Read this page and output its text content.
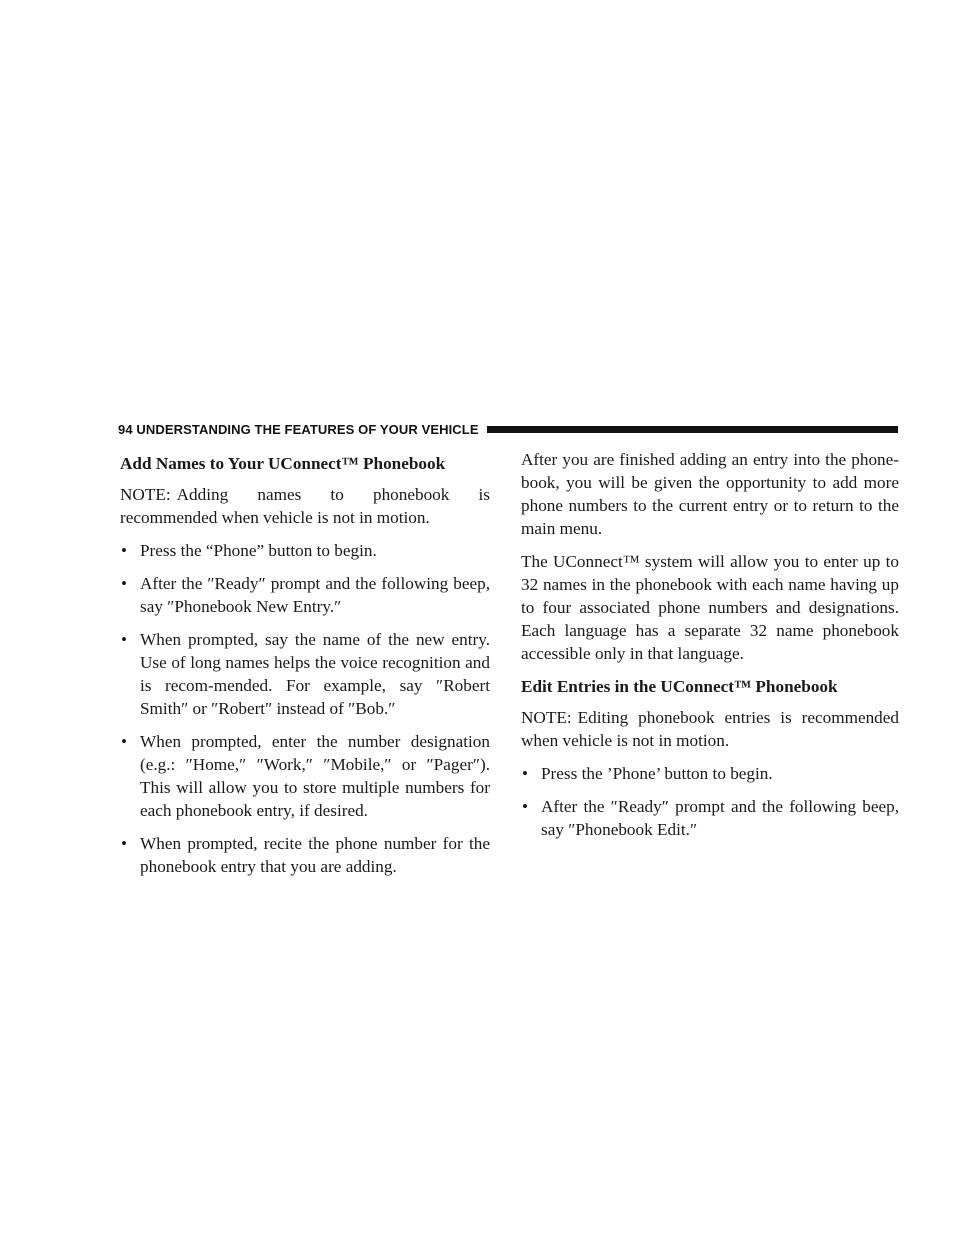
94 UNDERSTANDING THE FEATURES OF YOUR VEHICLE
Add Names to Your UConnect™ Phonebook

NOTE: Adding names to phonebook is recommended when vehicle is not in motion.

• Press the “Phone” button to begin.
• After the ″Ready″ prompt and the following beep, say ″Phonebook New Entry.″
• When prompted, say the name of the new entry. Use of long names helps the voice recognition and is recom-mended. For example, say ″Robert Smith″ or ″Robert″ instead of ″Bob.″
• When prompted, enter the number designation (e.g.: ″Home,″ ″Work,″ ″Mobile,″ or ″Pager″). This will allow you to store multiple numbers for each phonebook entry, if desired.
• When prompted, recite the phone number for the phonebook entry that you are adding.

After you are finished adding an entry into the phone-book, you will be given the opportunity to add more phone numbers to the current entry or to return to the main menu.

The UConnect™ system will allow you to enter up to 32 names in the phonebook with each name having up to four associated phone numbers and designations. Each language has a separate 32 name phonebook accessible only in that language.

Edit Entries in the UConnect™ Phonebook

NOTE: Editing phonebook entries is recommended when vehicle is not in motion.

• Press the ’Phone’ button to begin.
• After the ″Ready″ prompt and the following beep, say ″Phonebook Edit.″
